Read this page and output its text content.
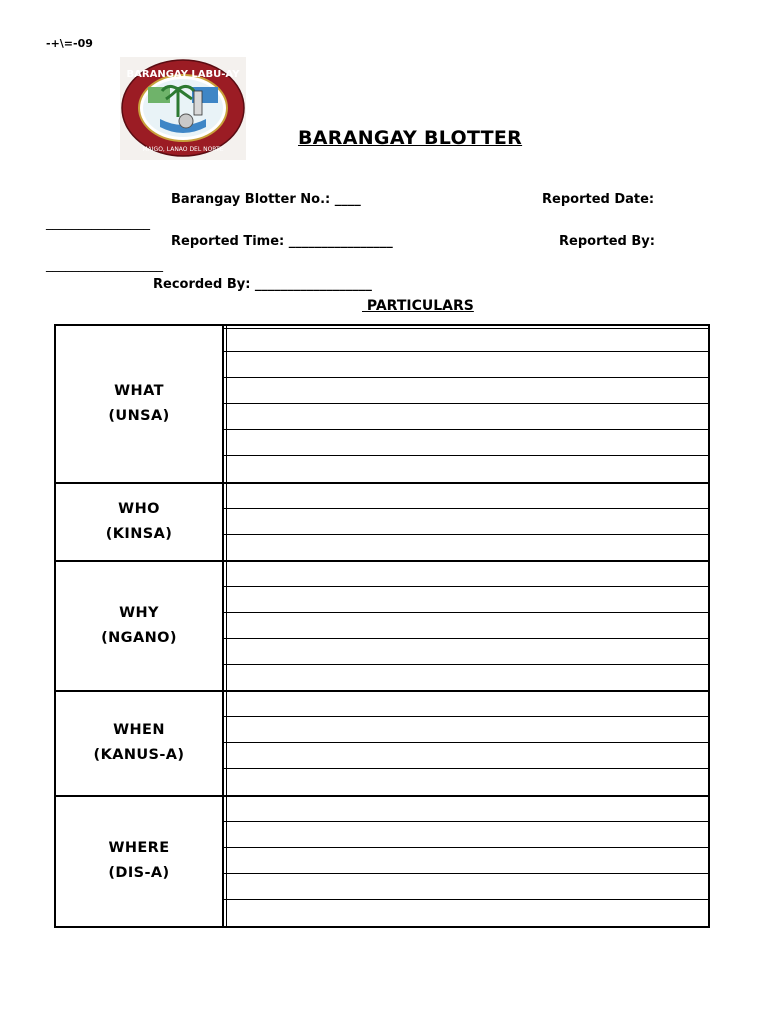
-+\=-09
BARANGAY LABU-AY
MAIGO, LANAO DEL NORTE
BARANGAY BLOTTER
Barangay Blotter No.: ____	Reported Date:
________________
Reported Time: ________________	Reported By:
__________________
Recorded By: __________________
PARTICULARS
WHAT
(UNSA)
WHO
(KINSA)
WHY
(NGANO)
WHEN
(KANUS-A)
WHERE
(DIS-A)
